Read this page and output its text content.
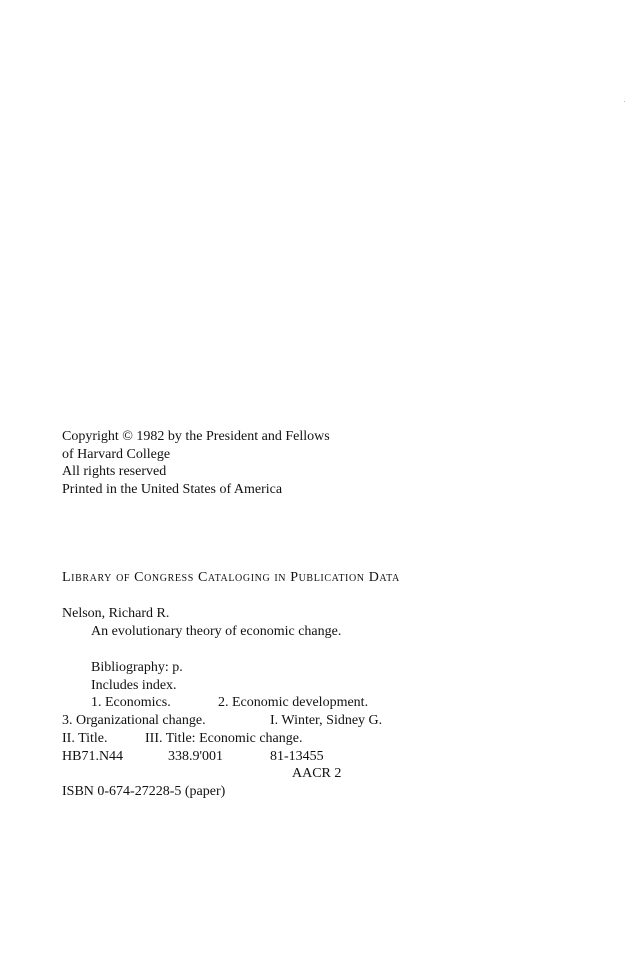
Copyright © 1982 by the President and Fellows
of Harvard College
All rights reserved
Printed in the United States of America
Library of Congress Cataloging in Publication Data
Nelson, Richard R.
An evolutionary theory of economic change.
Bibliography: p.
Includes index.
1. Economics.	2. Economic development.
3. Organizational change.	I. Winter, Sidney G.
II. Title.	III. Title: Economic change.
HB71.N44	338.9'001	81-13455
AACR 2
ISBN 0-674-27228-5 (paper)
